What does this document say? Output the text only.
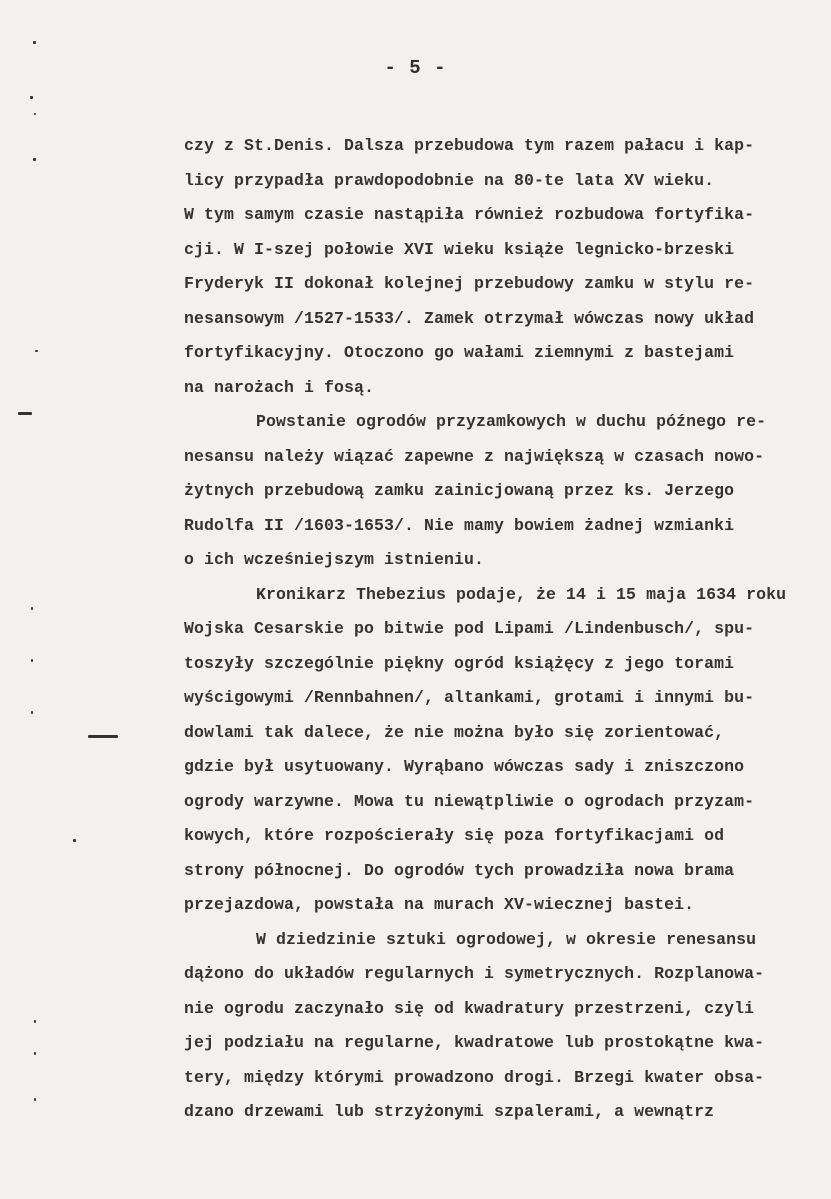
- 5 -
czy z St.Denis. Dalsza przebudowa tym razem pałacu i kap-
licy przypadła prawdopodobnie na 80-te lata XV wieku.
W tym samym czasie nastąpiła również rozbudowa fortyfika-
cji. W I-szej połowie XVI wieku książe legnicko-brzeski
Fryderyk II dokonał kolejnej przebudowy zamku w stylu re-
nesansowym /1527-1533/. Zamek otrzymał wówczas nowy układ
fortyfikacyjny. Otoczono go wałami ziemnymi z bastejami
na narożach i fosą.
Powstanie ogrodów przyzamkowych w duchu późnego re-
nesansu należy wiązać zapewne z największą w czasach nowo-
żytnych przebudową zamku zainicjowaną przez ks. Jerzego
Rudolfa II /1603-1653/. Nie mamy bowiem żadnej wzmianki
o ich wcześniejszym istnieniu.
Kronikarz Thebezius podaje, że 14 i 15 maja 1634 roku
Wojska Cesarskie po bitwie pod Lipami /Lindenbusch/, spu-
toszyły szczególnie piękny ogród książęcy z jego torami
wyścigowymi /Rennbahnen/, altankami, grotami i innymi bu-
dowlami tak dalece, że nie można było się zorientować,
gdzie był usytuowany. Wyrąbano wówczas sady i zniszczono
ogrody warzywne. Mowa tu niewątpliwie o ogrodach przyzam-
kowych, które rozpościerały się poza fortyfikacjami od
strony północnej. Do ogrodów tych prowadziła nowa brama
przejazdowa, powstała na murach XV-wiecznej bastei.
W dziedzinie sztuki ogrodowej, w okresie renesansu
dążono do układów regularnych i symetrycznych. Rozplanowa-
nie ogrodu zaczynało się od kwadratury przestrzeni, czyli
jej podziału na regularne, kwadratowe lub prostokątne kwa-
tery, między którymi prowadzono drogi. Brzegi kwater obsa-
dzano drzewami lub strzyżonymi szpalerami, a wewnątrz
